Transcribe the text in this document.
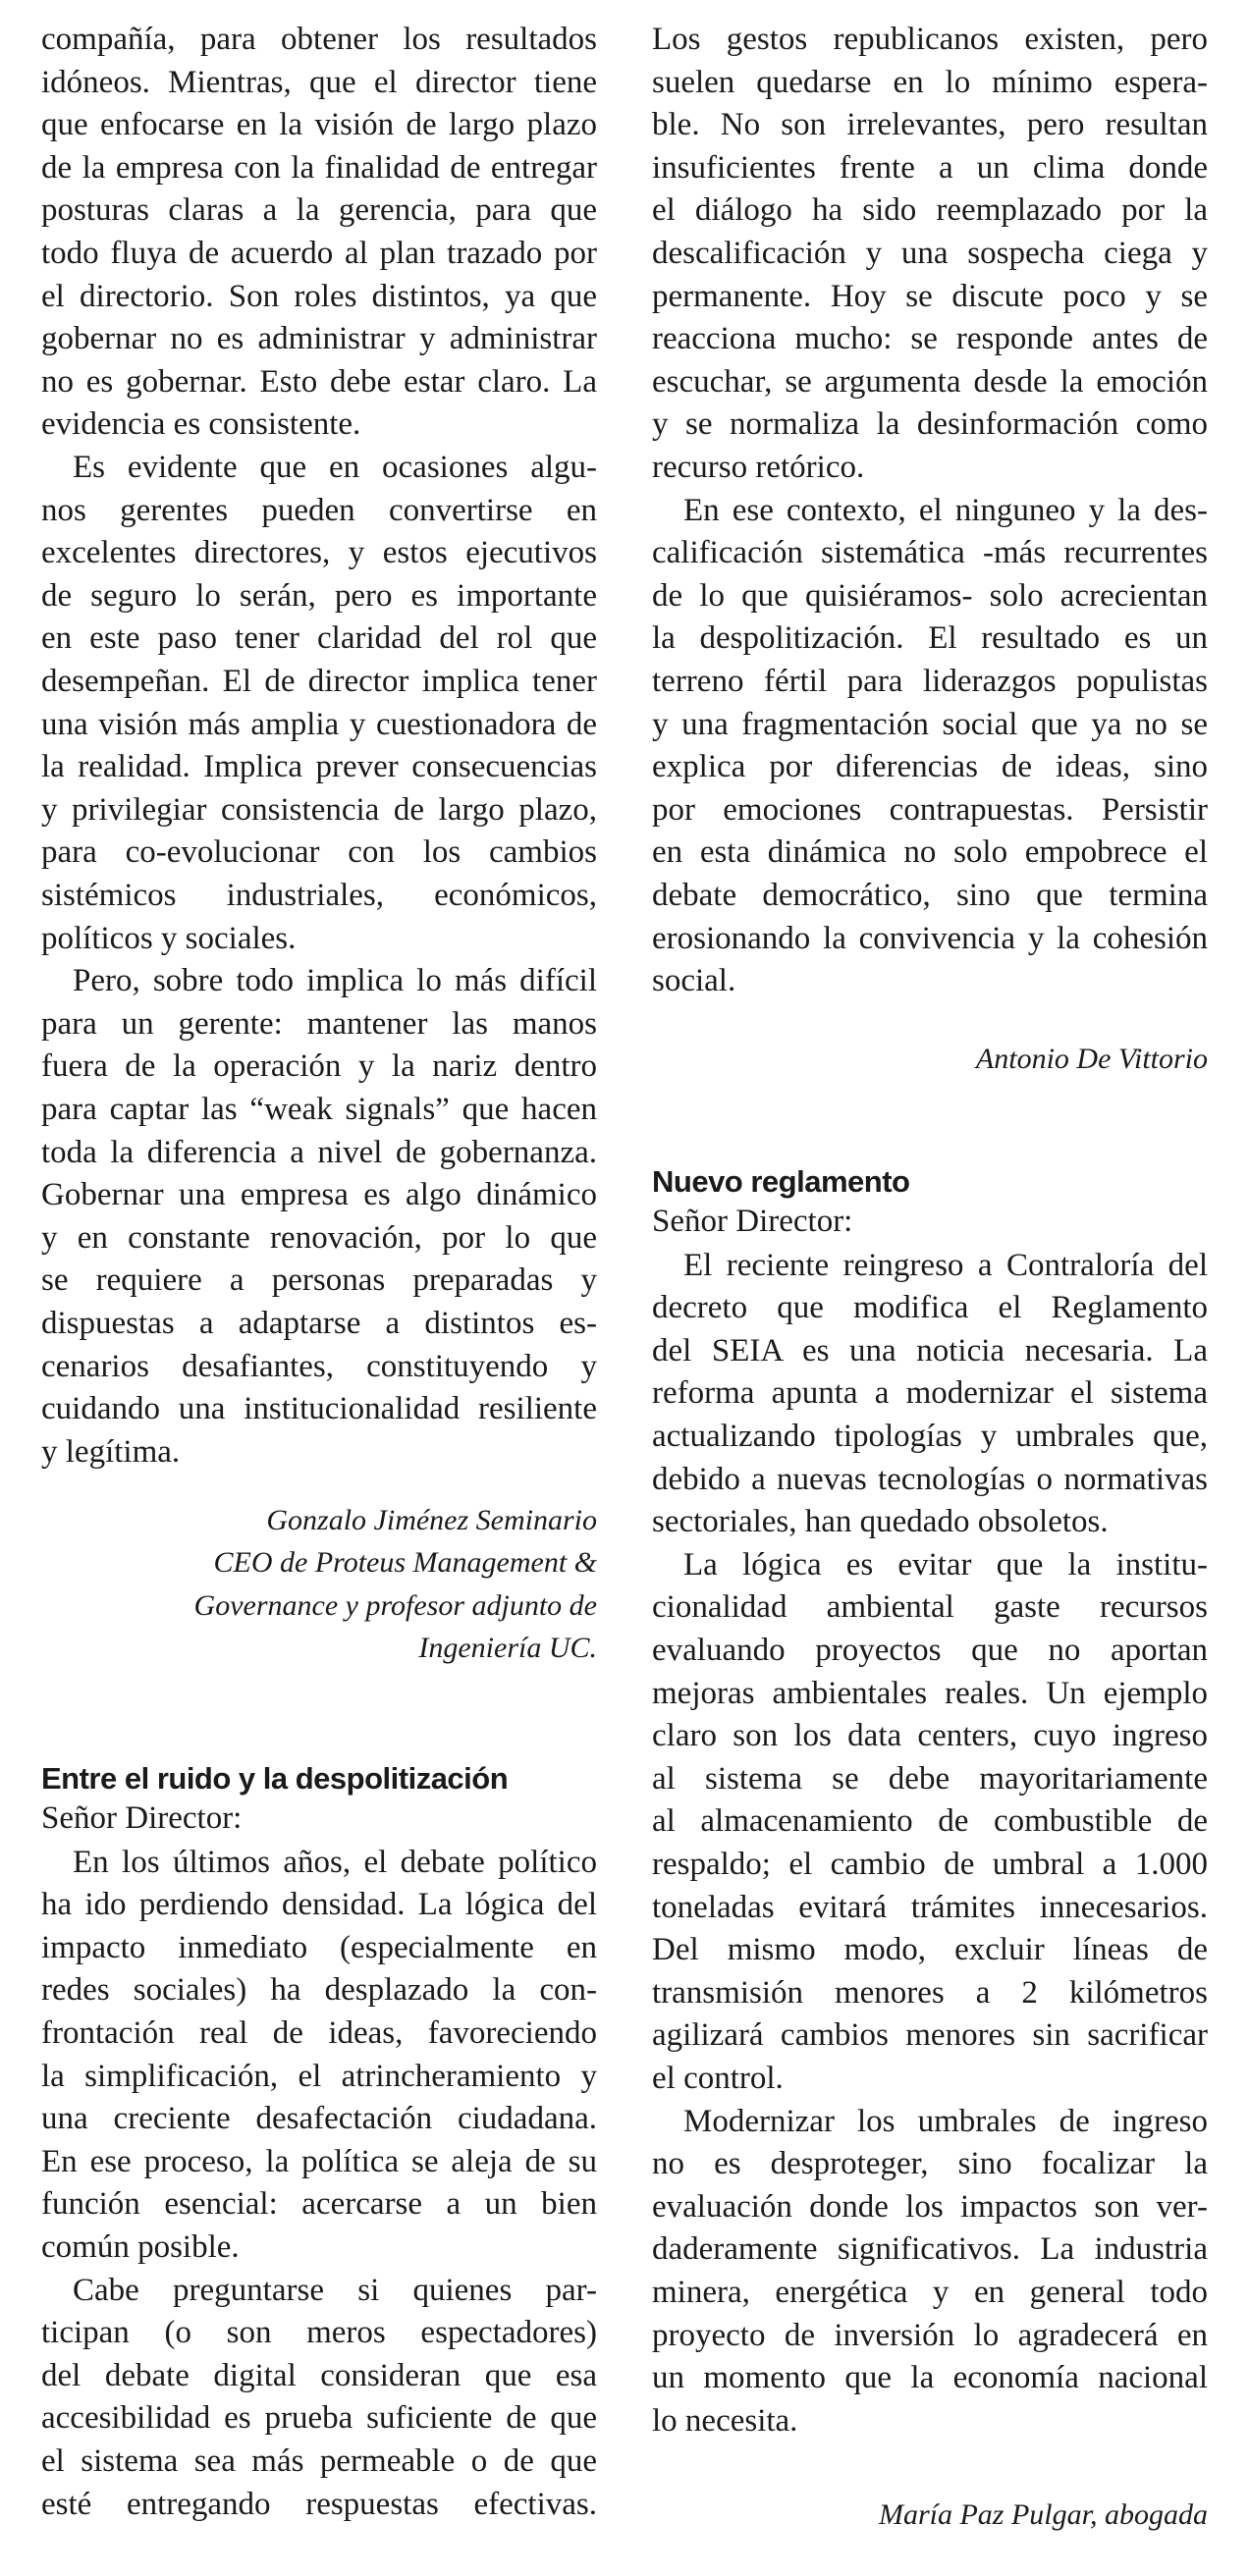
compañía, para obtener los resultados
idóneos. Mientras, que el director tiene
que enfocarse en la visión de largo plazo
de la empresa con la finalidad de entregar
posturas claras a la gerencia, para que
todo fluya de acuerdo al plan trazado por
el directorio. Son roles distintos, ya que
gobernar no es administrar y administrar
no es gobernar. Esto debe estar claro. La
evidencia es consistente.
Es evidente que en ocasiones algu-
nos gerentes pueden convertirse en
excelentes directores, y estos ejecutivos
de seguro lo serán, pero es importante
en este paso tener claridad del rol que
desempeñan. El de director implica tener
una visión más amplia y cuestionadora de
la realidad. Implica prever consecuencias
y privilegiar consistencia de largo plazo,
para co-evolucionar con los cambios
sistémicos industriales, económicos,
políticos y sociales.
Pero, sobre todo implica lo más difícil
para un gerente: mantener las manos
fuera de la operación y la nariz dentro
para captar las “weak signals” que hacen
toda la diferencia a nivel de gobernanza.
Gobernar una empresa es algo dinámico
y en constante renovación, por lo que
se requiere a personas preparadas y
dispuestas a adaptarse a distintos es-
cenarios desafiantes, constituyendo y
cuidando una institucionalidad resiliente
y legítima.
Gonzalo Jiménez Seminario
CEO de Proteus Management &
Governance y profesor adjunto de
Ingeniería UC.
Entre el ruido y la despolitización
Señor Director:
En los últimos años, el debate político
ha ido perdiendo densidad. La lógica del
impacto inmediato (especialmente en
redes sociales) ha desplazado la con-
frontación real de ideas, favoreciendo
la simplificación, el atrincheramiento y
una creciente desafectación ciudadana.
En ese proceso, la política se aleja de su
función esencial: acercarse a un bien
común posible.
Cabe preguntarse si quienes par-
ticipan (o son meros espectadores)
del debate digital consideran que esa
accesibilidad es prueba suficiente de que
el sistema sea más permeable o de que
esté entregando respuestas efectivas.
Los gestos republicanos existen, pero
suelen quedarse en lo mínimo espera-
ble. No son irrelevantes, pero resultan
insuficientes frente a un clima donde
el diálogo ha sido reemplazado por la
descalificación y una sospecha ciega y
permanente. Hoy se discute poco y se
reacciona mucho: se responde antes de
escuchar, se argumenta desde la emoción
y se normaliza la desinformación como
recurso retórico.
En ese contexto, el ninguneo y la des-
calificación sistemática -más recurrentes
de lo que quisiéramos- solo acrecientan
la despolitización. El resultado es un
terreno fértil para liderazgos populistas
y una fragmentación social que ya no se
explica por diferencias de ideas, sino
por emociones contrapuestas. Persistir
en esta dinámica no solo empobrece el
debate democrático, sino que termina
erosionando la convivencia y la cohesión
social.
Antonio De Vittorio
Nuevo reglamento
Señor Director:
El reciente reingreso a Contraloría del
decreto que modifica el Reglamento
del SEIA es una noticia necesaria. La
reforma apunta a modernizar el sistema
actualizando tipologías y umbrales que,
debido a nuevas tecnologías o normativas
sectoriales, han quedado obsoletos.
La lógica es evitar que la institu-
cionalidad ambiental gaste recursos
evaluando proyectos que no aportan
mejoras ambientales reales. Un ejemplo
claro son los data centers, cuyo ingreso
al sistema se debe mayoritariamente
al almacenamiento de combustible de
respaldo; el cambio de umbral a 1.000
toneladas evitará trámites innecesarios.
Del mismo modo, excluir líneas de
transmisión menores a 2 kilómetros
agilizará cambios menores sin sacrificar
el control.
Modernizar los umbrales de ingreso
no es desproteger, sino focalizar la
evaluación donde los impactos son ver-
daderamente significativos. La industria
minera, energética y en general todo
proyecto de inversión lo agradecerá en
un momento que la economía nacional
lo necesita.
María Paz Pulgar, abogada
